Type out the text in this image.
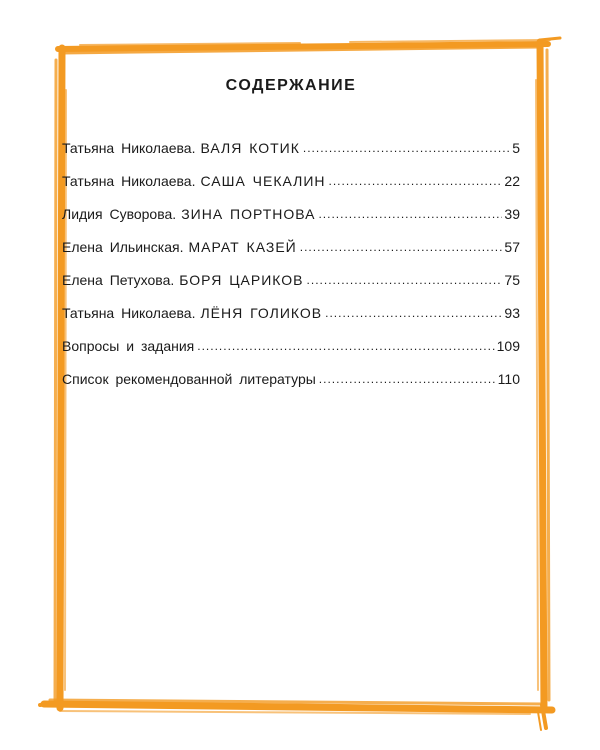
СОДЕРЖАНИЕ
Татьяна Николаева. ВАЛЯ КОТИК .....	5
Татьяна Николаева. САША ЧЕКАЛИН .....	22
Лидия Суворова. ЗИНА ПОРТНОВА .....	39
Елена Ильинская. МАРАТ КАЗЕЙ .....	57
Елена Петухова. БОРЯ ЦАРИКОВ .....	75
Татьяна Николаева. ЛЁНЯ ГОЛИКОВ .....	93
Вопросы и задания .....	109
Список рекомендованной литературы .....	110
